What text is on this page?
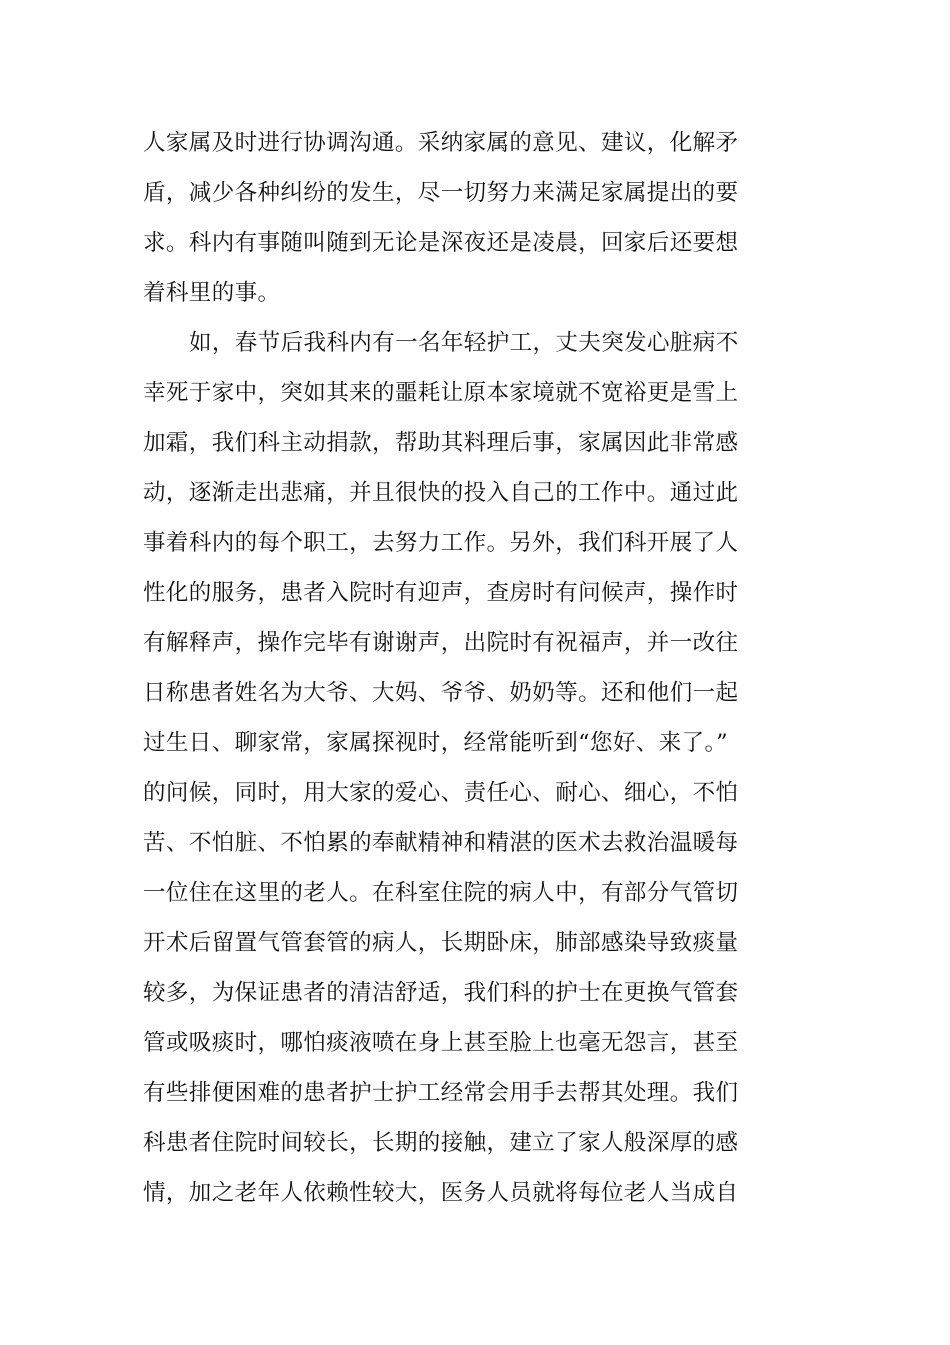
人家属及时进行协调沟通。采纳家属的意见、建议，化解矛
盾，减少各种纠纷的发生，尽一切努力来满足家属提出的要
求。科内有事随叫随到无论是深夜还是凌晨，回家后还要想
着科里的事。
如，春节后我科内有一名年轻护工，丈夫突发心脏病不
幸死于家中，突如其来的噩耗让原本家境就不宽裕更是雪上
加霜，我们科主动捐款，帮助其料理后事，家属因此非常感
动，逐渐走出悲痛，并且很快的投入自己的工作中。通过此
事着科内的每个职工，去努力工作。另外，我们科开展了人
性化的服务，患者入院时有迎声，查房时有问候声，操作时
有解释声，操作完毕有谢谢声，出院时有祝福声，并一改往
日称患者姓名为大爷、大妈、爷爷、奶奶等。还和他们一起
过生日、聊家常，家属探视时，经常能听到“您好、来了。”
的问候，同时，用大家的爱心、责任心、耐心、细心，不怕
苦、不怕脏、不怕累的奉献精神和精湛的医术去救治温暖每
一位住在这里的老人。在科室住院的病人中，有部分气管切
开术后留置气管套管的病人，长期卧床，肺部感染导致痰量
较多，为保证患者的清洁舒适，我们科的护士在更换气管套
管或吸痰时，哪怕痰液喷在身上甚至脸上也毫无怨言，甚至
有些排便困难的患者护士护工经常会用手去帮其处理。我们
科患者住院时间较长，长期的接触，建立了家人般深厚的感
情，加之老年人依赖性较大，医务人员就将每位老人当成自
